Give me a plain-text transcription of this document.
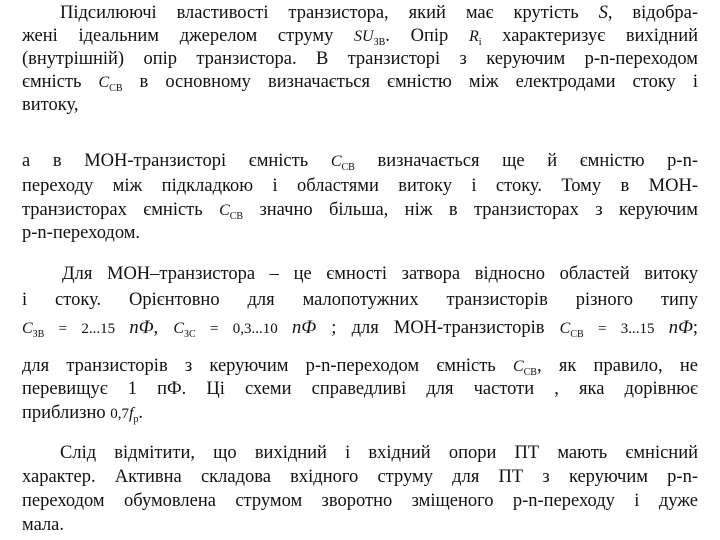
Підсилюючі властивості транзистора, який має крутість S, відобра-
жені ідеальним джерелом струму $SU_{ЗВ}$. Опір $R_i$ характеризує вихідний
(внутрішній) опір транзистора. В транзисторі з керуючим p-n-переходом
ємність $C_{СВ}$ в основному визначається ємністю між електродами стоку і
витоку,
а в МОН-транзисторі ємність $C_{СВ}$ визначається ще й ємністю p-n-
переходу між підкладкою і областями витоку і стоку. Тому в МОН-
транзисторах ємність $C_{СВ}$ значно більша, ніж в транзисторах з керуючим
p-n-переходом.
Для МОН–транзистора – це ємності затвора відносно областей витоку
і стоку. Орієнтовно для малопотужних транзисторів різного типу
$C_{ЗВ} = 2...15$ пФ, $C_{ЗС} = 0,3...10$ пФ ; для МОН-транзисторів $C_{СВ} = 3...15$ пФ;
для транзисторів з керуючим p-n-переходом ємність $C_{СВ}$, як правило, не
перевищує 1 пФ. Ці схеми справедливі для частоти , яка дорівнює
приблизно $0,7f_р$.
Слід відмітити, що вихідний і вхідний опори ПТ мають ємнісний
характер. Активна складова вхідного струму для ПТ з керуючим p-n-
переходом обумовлена струмом зворотно зміщеного p-n-переходу і дуже
мала.
